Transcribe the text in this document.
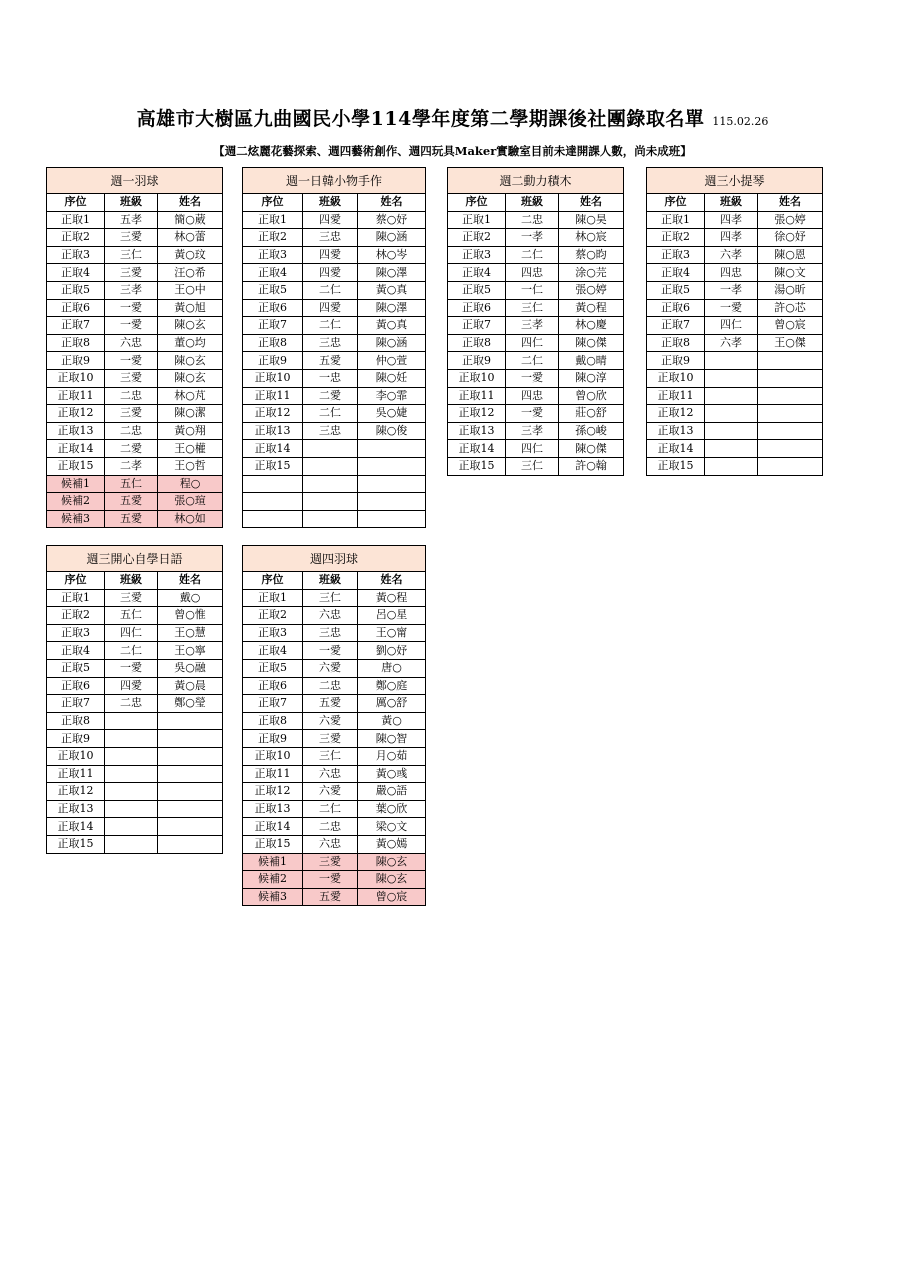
高雄市大樹區九曲國民小學114學年度第二學期課後社團錄取名單 115.02.26
【週二炫麗花藝探索、週四藝術創作、週四玩具Maker實驗室目前未達開課人數，尚未成班】
週一羽球		
序位	班級	姓名
正取1	五孝	簡○葳
正取2	三愛	林○蕾
正取3	三仁	黃○玟
正取4	三愛	汪○希
正取5	三孝	王○中
正取6	一愛	黃○旭
正取7	一愛	陳○玄
正取8	六忠	董○均
正取9	一愛	陳○玄
正取10	三愛	陳○玄
正取11	二忠	林○芃
正取12	三愛	陳○潔
正取13	二忠	黃○翔
正取14	二愛	王○權
正取15	二孝	王○哲
候補1	五仁	程○
候補2	五愛	張○瑄
候補3	五愛	林○如
週一日韓小物手作		
序位	班級	姓名
正取1	四愛	蔡○妤
正取2	三忠	陳○涵
正取3	四愛	林○岑
正取4	四愛	陳○澤
正取5	二仁	黃○真
正取6	四愛	陳○澤
正取7	二仁	黃○真
正取8	三忠	陳○涵
正取9	五愛	仲○萱
正取10	一忠	陳○妊
正取11	二愛	李○霏
正取12	二仁	吳○婕
正取13	三忠	陳○俊
正取14		
正取15		

週二動力積木		
序位	班級	姓名
正取1	二忠	陳○昊
正取2	一孝	林○宸
正取3	二仁	蔡○昀
正取4	四忠	涂○芫
正取5	一仁	張○婷
正取6	三仁	黃○程
正取7	三孝	林○慶
正取8	四仁	陳○傑
正取9	二仁	戴○晴
正取10	一愛	陳○淳
正取11	四忠	曾○欣
正取12	一愛	莊○舒
正取13	三孝	孫○峻
正取14	四仁	陳○傑
正取15	三仁	許○翰
週三小提琴		
序位	班級	姓名
正取1	四孝	張○婷
正取2	四孝	徐○妤
正取3	六孝	陳○恩
正取4	四忠	陳○文
正取5	一孝	湯○昕
正取6	一愛	許○芯
正取7	四仁	曾○宸
正取8	六孝	王○傑
正取9		
正取10		
正取11		
正取12		
正取13		
正取14		
正取15		
週三開心自學日語		
序位	班級	姓名
正取1	三愛	戴○
正取2	五仁	曾○惟
正取3	四仁	王○慧
正取4	二仁	王○寧
正取5	一愛	吳○融
正取6	四愛	黃○晨
正取7	二忠	鄭○瑩
正取8		
正取9		
正取10		
正取11		
正取12		
正取13		
正取14		
正取15		
週四羽球		
序位	班級	姓名
正取1	三仁	黃○程
正取2	六忠	呂○星
正取3	三忠	王○甯
正取4	一愛	劉○妤
正取5	六愛	唐○
正取6	二忠	鄭○庭
正取7	五愛	厲○舒
正取8	六愛	黃○
正取9	三愛	陳○智
正取10	三仁	月○茹
正取11	六忠	黃○彧
正取12	六愛	嚴○語
正取13	二仁	葉○欣
正取14	二忠	梁○文
正取15	六忠	黃○嫣
候補1	三愛	陳○玄
候補2	一愛	陳○玄
候補3	五愛	曾○宸
